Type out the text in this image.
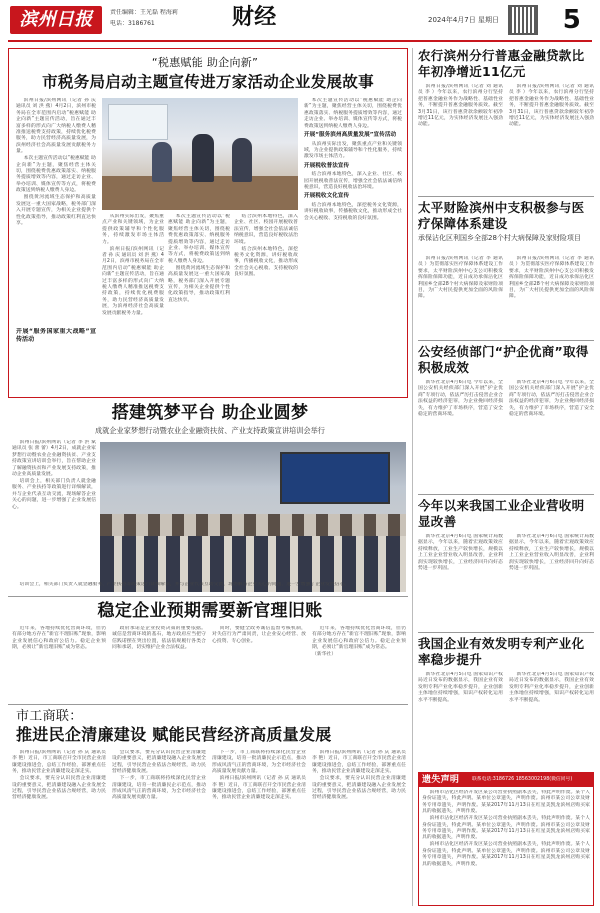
滨州日报	责任编辑：王光磊 程海莉
电话：3186761	财经	2024年4月7日 星期日	5
“税惠赋能 助企向新”
市税务局启动主题宣传进万家活动企业发展故事

滨州日报/滨州网讯（记者 孙 庆 通讯员 刘 洪 燕）4月2日，滨州市税务局在全市范围内启动“税惠赋能 助企向新”主题宣传活动，旨在通过丰富多样的形式向广大纳税人缴费人精准推送税费支持政策，持续优化税费服务，助力民营经济高质量发展，为滨州经济社会高质量发展贡献税务力量。

本次主题宣传活动以“税惠赋能 助企向新”为主题，聚焦经营主体关切，围绕税费优惠政策落实、纳税服务提质增效等内容，通过走访企业、举办培训、媒体宣传等方式，将税费政策送到纳税人缴费人身边。

围绕黄河流域生态保护和高质量发展这一重大国家战略，税务部门深入开展专题宣传，为相关企业提供个性化政策指导，推动政策红利直达快享。

开展“服务国家重大战略”宣传活动

从滨州实际出发，聚焦重点产业和关键领域，为企业提供政策辅导和个性化服务，持续激发市场主体活力。

滨州日报/滨州网讯（记者 孙 庆 通讯员 刘 洪 燕）4月2日，滨州市税务局在全市范围内启动“税惠赋能 助企向新”主题宣传活动，旨在通过丰富多样的形式向广大纳税人缴费人精准推送税费支持政策，持续优化税费服务，助力民营经济高质量发展，为滨州经济社会高质量发展贡献税务力量。

本次主题宣传活动以“税惠赋能 助企向新”为主题，聚焦经营主体关切，围绕税费优惠政策落实、纳税服务提质增效等内容，通过走访企业、举办培训、媒体宣传等方式，将税费政策送到纳税人缴费人身边。

围绕黄河流域生态保护和高质量发展这一重大国家战略，税务部门深入开展专题宣传，为相关企业提供个性化政策指导，推动政策红利直达快享。

结合滨州本地特色，深入企业、社区、校园开展税收普法宣传，增强全社会依法诚信纳税意识，营造良好税收法治环境。

结合滨州本地特色，深挖税务文化资源，讲好税收故事，传播税收文化，推动形成全社会关心税收、支持税收的良好氛围。

本次主题宣传活动以“税惠赋能 助企向新”为主题，聚焦经营主体关切，围绕税费优惠政策落实、纳税服务提质增效等内容，通过走访企业、举办培训、媒体宣传等方式，将税费政策送到纳税人缴费人身边。

开展“服务滨州高质量发展”宣传活动

从滨州实际出发，聚焦重点产业和关键领域，为企业提供政策辅导和个性化服务，持续激发市场主体活力。

开展税收普法宣传

结合滨州本地特色，深入企业、社区、校园开展税收普法宣传，增强全社会依法诚信纳税意识，营造良好税收法治环境。

开展税收文化宣传

结合滨州本地特色，深挖税务文化资源，讲好税收故事，传播税收文化，推动形成全社会关心税收、支持税收的良好氛围。

搭建筑梦平台 助企业圆梦
成就企业家梦想行动暨农业企业融资扶贫、产业支持政策宣讲培训会举行

滨州日报/滨州网讯（记者 李 洪 斌 通讯员 张 蕾 蕾）4月2日，成就企业家梦想行动暨农业企业融资扶贫、产业支持政策宣讲培训会举行，旨在帮助企业了解融资扶贫和产业发展支持政策，推动企业高质量发展。

培训会上，相关部门负责人就金融服务、产业扶持等政策进行详细解读，并与企业代表互动交流，现场解答企业关心的问题，进一步增强了企业发展信心。

培训会上，相关部门负责人就金融服务、产业扶持等政策进行详细解读，并与企业代表互动交流，现场解答企业关心的问题，进一步增强了企业发展信心。

稳定企业预期需要新官理旧账

近年来，各地持续优化营商环境，但仍有部分地方存在“新官不理旧账”现象，影响企业发展信心和政府公信力。稳定企业预期，必须让“新官理旧账”成为常态。

政府承诺是企业投资决策的重要依据。诚信是营商环境的基石，地方政府应当把守信践诺摆在突出位置，依法依规履行各类合同和承诺，切实维护企业合法权益。

同时，要健全政务诚信监督考核机制，对失信行为严肃问责，让企业安心经营、放心投资、专心创业。

近年来，各地持续优化营商环境，但仍有部分地方存在“新官不理旧账”现象，影响企业发展信心和政府公信力。稳定企业预期，必须让“新官理旧账”成为常态。

（新华社）
市工商联：
推进民企清廉建设 赋能民营经济高质量发展

滨州日报/滨州网讯（记者 孙 庆 通讯员 李 艳）近日，市工商联召开全市民营企业清廉建设推进会，总结工作经验，部署重点任务，推动民营企业清廉建设走深走实。

会议要求，要充分认识民营企业清廉建设的重要意义，把清廉建设融入企业发展全过程，引导民营企业依法合规经营，助力民营经济健康发展。

会议要求，要充分认识民营企业清廉建设的重要意义，把清廉建设融入企业发展全过程，引导民营企业依法合规经营，助力民营经济健康发展。

下一步，市工商联将持续深化民营企业清廉建设，培育一批清廉民企示范点，推动形成风清气正的营商环境，为全市经济社会高质量发展贡献力量。

下一步，市工商联将持续深化民营企业清廉建设，培育一批清廉民企示范点，推动形成风清气正的营商环境，为全市经济社会高质量发展贡献力量。

滨州日报/滨州网讯（记者 孙 庆 通讯员 李 艳）近日，市工商联召开全市民营企业清廉建设推进会，总结工作经验，部署重点任务，推动民营企业清廉建设走深走实。

滨州日报/滨州网讯（记者 孙 庆 通讯员 李 艳）近日，市工商联召开全市民营企业清廉建设推进会，总结工作经验，部署重点任务，推动民营企业清廉建设走深走实。

会议要求，要充分认识民营企业清廉建设的重要意义，把清廉建设融入企业发展全过程，引导民营企业依法合规经营，助力民营经济健康发展。

农行滨州分行普惠金融贷款比年初净增近11亿元

滨州日报/滨州网讯（记者 刘 通讯员 李 ）今年以来，农行滨州分行坚持把普惠金融业务作为战略性、基础性业务，不断提升普惠金融服务质效。截至3月31日，该行普惠贷款余额较年初净增近11亿元，为实体经济发展注入强劲动能。

滨州日报/滨州网讯（记者 刘 通讯员 李 ）今年以来，农行滨州分行坚持把普惠金融业务作为战略性、基础性业务，不断提升普惠金融服务质效。截至3月31日，该行普惠贷款余额较年初净增近11亿元，为实体经济发展注入强劲动能。

太平财险滨州中支积极参与医疗保障体系建设
承保沾化区利国乡全部28个村大病保障及家财险项目

滨州日报/滨州网讯（记者 李 通讯员 ）为贯彻落实医疗保障体系建设工作要求，太平财险滨州中心支公司积极发挥保险保障功能，近日成功承保沾化区利国乡全部28个村大病保障及家财险项目，为广大村民提供更加全面的风险保障。

滨州日报/滨州网讯（记者 李 通讯员 ）为贯彻落实医疗保障体系建设工作要求，太平财险滨州中心支公司积极发挥保险保障功能，近日成功承保沾化区利国乡全部28个村大病保障及家财险项目，为广大村民提供更加全面的风险保障。

公安经侦部门“护企优商”取得积极成效

新华社北京4月6日电 今年以来，全国公安机关经侦部门深入开展“护企优商”专项行动，依法严厉打击侵害企业合法权益的经济犯罪，为企业挽回经济损失，有力维护了市场秩序，营造了安全稳定的营商环境。

新华社北京4月6日电 今年以来，全国公安机关经侦部门深入开展“护企优商”专项行动，依法严厉打击侵害企业合法权益的经济犯罪，为企业挽回经济损失，有力维护了市场秩序，营造了安全稳定的营商环境。

今年以来我国工业企业营收明显改善

新华社北京4月6日电 国家统计局数据显示，今年以来，随着宏观政策效应持续释放，工业生产较快增长，规模以上工业企业营业收入明显改善，企业利润实现较快增长，工业经济回升向好态势进一步巩固。

新华社北京4月6日电 国家统计局数据显示，今年以来，随着宏观政策效应持续释放，工业生产较快增长，规模以上工业企业营业收入明显改善，企业利润实现较快增长，工业经济回升向好态势进一步巩固。

我国企业有效发明专利产业化率稳步提升

新华社北京4月5日电 国家知识产权局近日发布的数据显示，我国企业有效发明专利产业化率稳步提升，企业创新主体地位持续增强，知识产权转化运用水平不断提高。

新华社北京4月5日电 国家知识产权局近日发布的数据显示，我国企业有效发明专利产业化率稳步提升，企业创新主体地位持续增强，知识产权转化运用水平不断提高。

遗失声明	联系电话:3186726 18563002198(微信同号)

滨州市沾化区经济开发区某公司营业执照副本丢失，特此声明作废。某个人身份证遗失，特此声明。某单位公章遗失，声明作废。滨州市某公司公章及财务专用章遗失，声明作废。某某2017年11月13日在红星美凯龙滨州店购买家具的收据遗失，声明作废。

滨州市沾化区经济开发区某公司营业执照副本丢失，特此声明作废。某个人身份证遗失，特此声明。某单位公章遗失，声明作废。滨州市某公司公章及财务专用章遗失，声明作废。某某2017年11月13日在红星美凯龙滨州店购买家具的收据遗失，声明作废。

滨州市沾化区经济开发区某公司营业执照副本丢失，特此声明作废。某个人身份证遗失，特此声明。某单位公章遗失，声明作废。滨州市某公司公章及财务专用章遗失，声明作废。某某2017年11月13日在红星美凯龙滨州店购买家具的收据遗失，声明作废。
